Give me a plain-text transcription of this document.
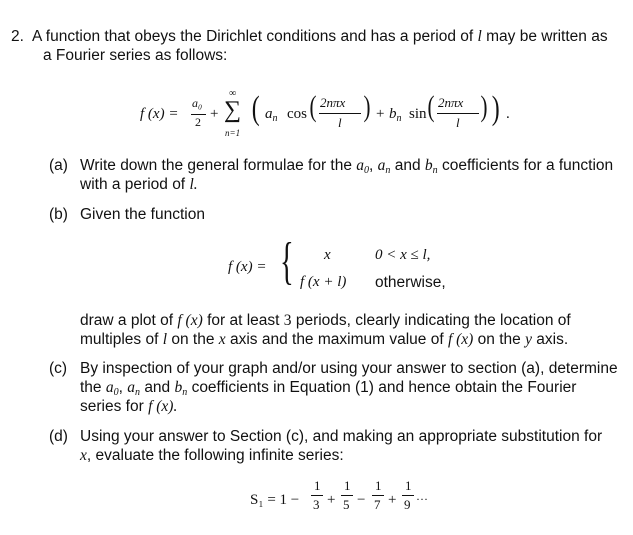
2. A function that obeys the Dirichlet conditions and has a period of l may be written as
a Fourier series as follows:
f (x) =
a₀
2 +
∞
∑
n=1
( $a_n$ cos ( 2nπx
l ) + $b_n$ sin ( 2nπx
l ) ) .
(a) Write down the general formulae for the a0, an and bn coefficients for a function
with a period of l.
(b) Given the function
f (x) = { x	0 < x ≤ l,
f (x + l) otherwise,
draw a plot of f (x) for at least 3 periods, clearly indicating the location of
multiples of l on the x axis and the maximum value of f (x) on the y axis.
(c) By inspection of your graph and/or using your answer to section (a), determine
the a0, an and bn coefficients in Equation (1) and hence obtain the Fourier
series for f (x).
(d) Using your answer to Section (c), and making an appropriate substitution for
x, evaluate the following infinite series:
S₁ = 1 −
1
3 +
1
5 −
1
7 +
1
9 ···
